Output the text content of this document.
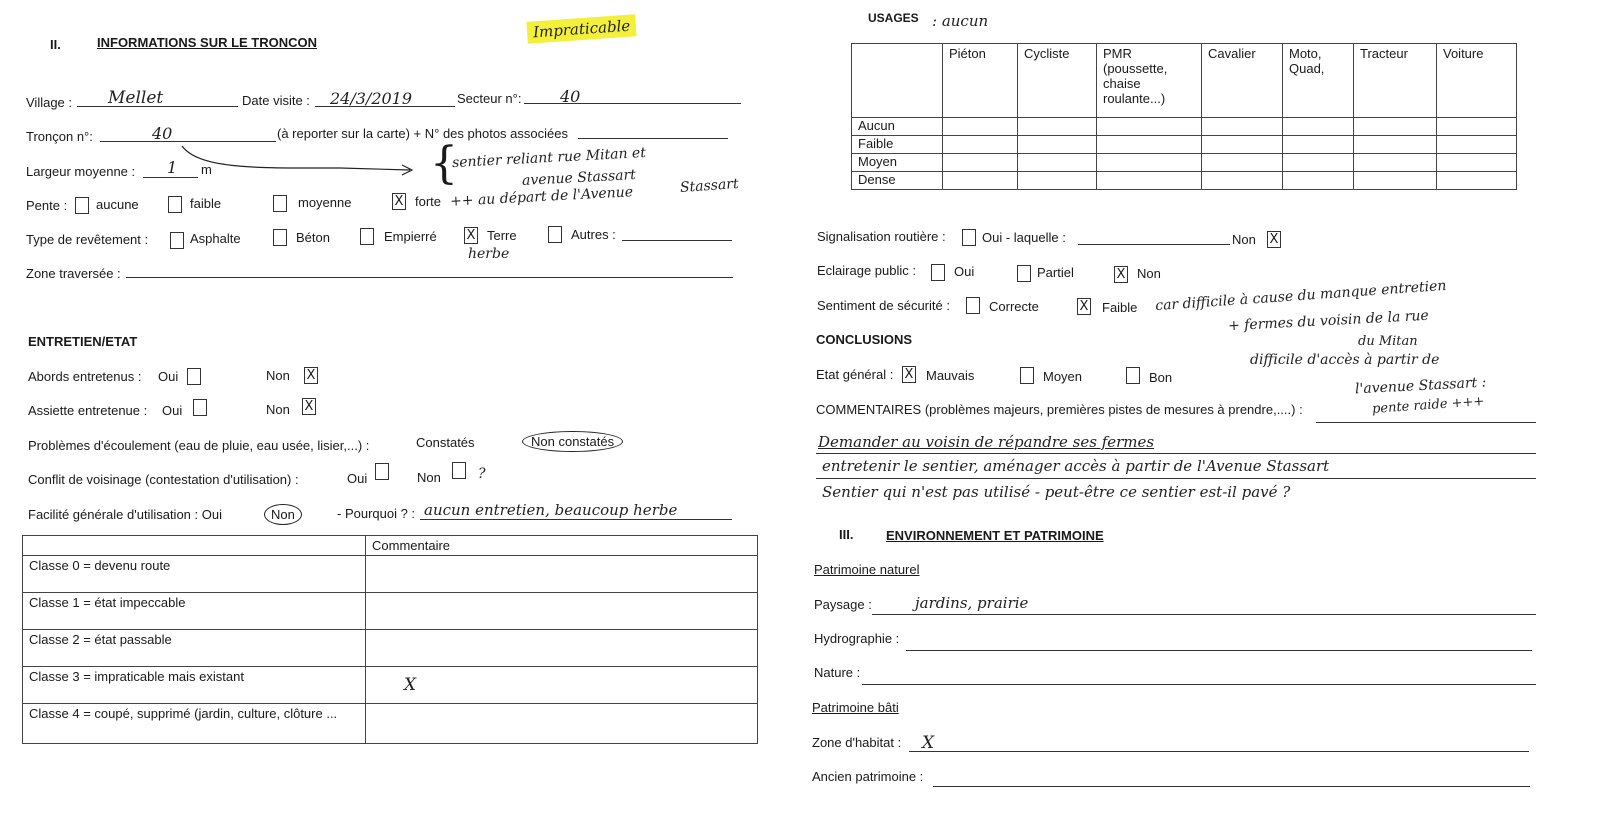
II.	INFORMATIONS SUR LE TRONCON
Impraticable
Village : Mellet	Date visite : 24/3/2019	Secteur n°: 40
Tronçon n°:	40	(à reporter sur la carte) + N° des photos associées
Largeur moyenne : 1 m	{
sentier reliant rue Mitan et
avenue Stassart	Stassart
Pente : aucune	faible	moyenne	X forte ++ au départ de l'Avenue
Type de revêtement :	Asphalte	Béton	Empierré X Terre	Autres :
herbe
Zone traversée :
ENTRETIEN/ETAT
Abords entretenus : Oui	Non X
Assiette entretenue : Oui	Non X
Problèmes d'écoulement (eau de pluie, eau usée, lisier,...) :	Constatés	Non constatés
Conflit de voisinage (contestation d'utilisation) :	Oui	Non	?
Facilité générale d'utilisation : Oui	Non	- Pourquoi ? : aucun entretien, beaucoup herbe
	Commentaire
Classe 0 = devenu route	
Classe 1 = état impeccable	
Classe 2 = état passable	
Classe 3 = impraticable mais existant	X
Classe 4 = coupé, supprimé (jardin, culture, clôture ...	
USAGES : aucun
	Piéton	Cycliste	PMR (poussette, chaise roulante...)	Cavalier	Moto, Quad,	Tracteur	Voiture
Aucun							
Faible							
Moyen							
Dense							
Signalisation routière :	Oui - laquelle :	Non X
Eclairage public :	Oui	Partiel	X Non
Sentiment de sécurité :	Correcte	X Faible car difficile à cause du manque entretien
+ fermes du voisin de la rue
du Mitan
difficile d'accès à partir de
l'avenue Stassart :
pente raide +++
CONCLUSIONS
Etat général : X Mauvais	Moyen	Bon
COMMENTAIRES (problèmes majeurs, premières pistes de mesures à prendre,....) :
Demander au voisin de répandre ses fermes
entretenir le sentier, aménager accès à partir de l'Avenue Stassart
Sentier qui n'est pas utilisé - peut-être ce sentier est-il pavé ?
III.	ENVIRONNEMENT ET PATRIMOINE
Patrimoine naturel
Paysage :	jardins, prairie
Hydrographie :
Nature :
Patrimoine bâti
Zone d'habitat : X
Ancien patrimoine :
